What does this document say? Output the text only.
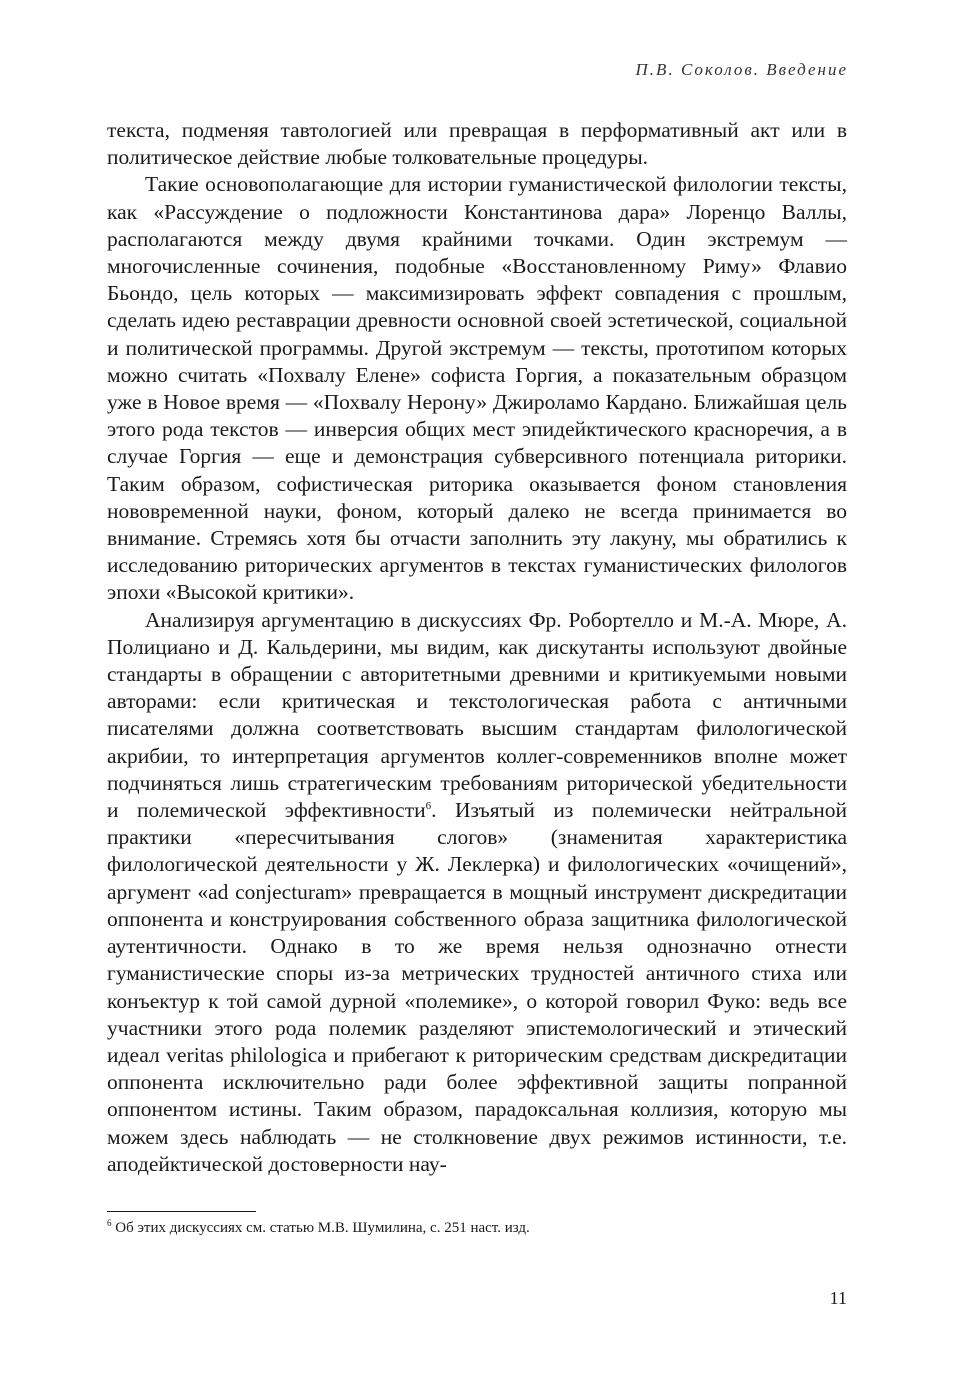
П.В. Соколов. Введение

текста, подменяя тавтологией или превращая в перформативный акт или в политическое действие любые толковательные процедуры.

Такие основополагающие для истории гуманистической филологии тексты, как «Рассуждение о подложности Константинова дара» Лоренцо Валлы, располагаются между двумя крайними точками. Один экстремум — многочисленные сочинения, подобные «Восстановленному Риму» Флавио Бьондо, цель которых — максимизировать эффект совпадения с прошлым, сделать идею реставрации древности основной своей эстетической, социальной и политической программы. Другой экстремум — тексты, прототипом которых можно считать «Похвалу Елене» софиста Горгия, а показательным образцом уже в Новое время — «Похвалу Нерону» Джироламо Кардано. Ближайшая цель этого рода текстов — инверсия общих мест эпидейктического красноречия, а в случае Горгия — еще и демонстрация субверсивного потенциала риторики. Таким образом, софистическая риторика оказывается фоном становления нововременной науки, фоном, который далеко не всегда принимается во внимание. Стремясь хотя бы отчасти заполнить эту лакуну, мы обратились к исследованию риторических аргументов в текстах гуманистических филологов эпохи «Высокой критики».

Анализируя аргументацию в дискуссиях Фр. Робортелло и М.-А. Мюре, А. Полициано и Д. Кальдерини, мы видим, как дискутанты используют двойные стандарты в обращении с авторитетными древними и критикуемыми новыми авторами: если критическая и текстологическая работа с античными писателями должна соответствовать высшим стандартам филологической акрибии, то интерпретация аргументов коллег-современников вполне может подчиняться лишь стратегическим требованиям риторической убедительности и полемической эффективности$^6$. Изъятый из полемически нейтральной практики «пересчитывания слогов» (знаменитая характеристика филологической деятельности у Ж. Леклерка) и филологических «очищений», аргумент «ad conjecturam» превращается в мощный инструмент дискредитации оппонента и конструирования собственного образа защитника филологической аутентичности. Однако в то же время нельзя однозначно отнести гуманистические споры из-за метрических трудностей античного стиха или конъектур к той самой дурной «полемике», о которой говорил Фуко: ведь все участники этого рода полемик разделяют эпистемологический и этический идеал veritas philologica и прибегают к риторическим средствам дискредитации оппонента исключительно ради более эффективной защиты попранной оппонентом истины. Таким образом, парадоксальная коллизия, которую мы можем здесь наблюдать — не столкновение двух режимов истинности, т.е. аподейктической достоверности нау-

$^6$ Об этих дискуссиях см. статью М.В. Шумилина, с. 251 наст. изд.
11
